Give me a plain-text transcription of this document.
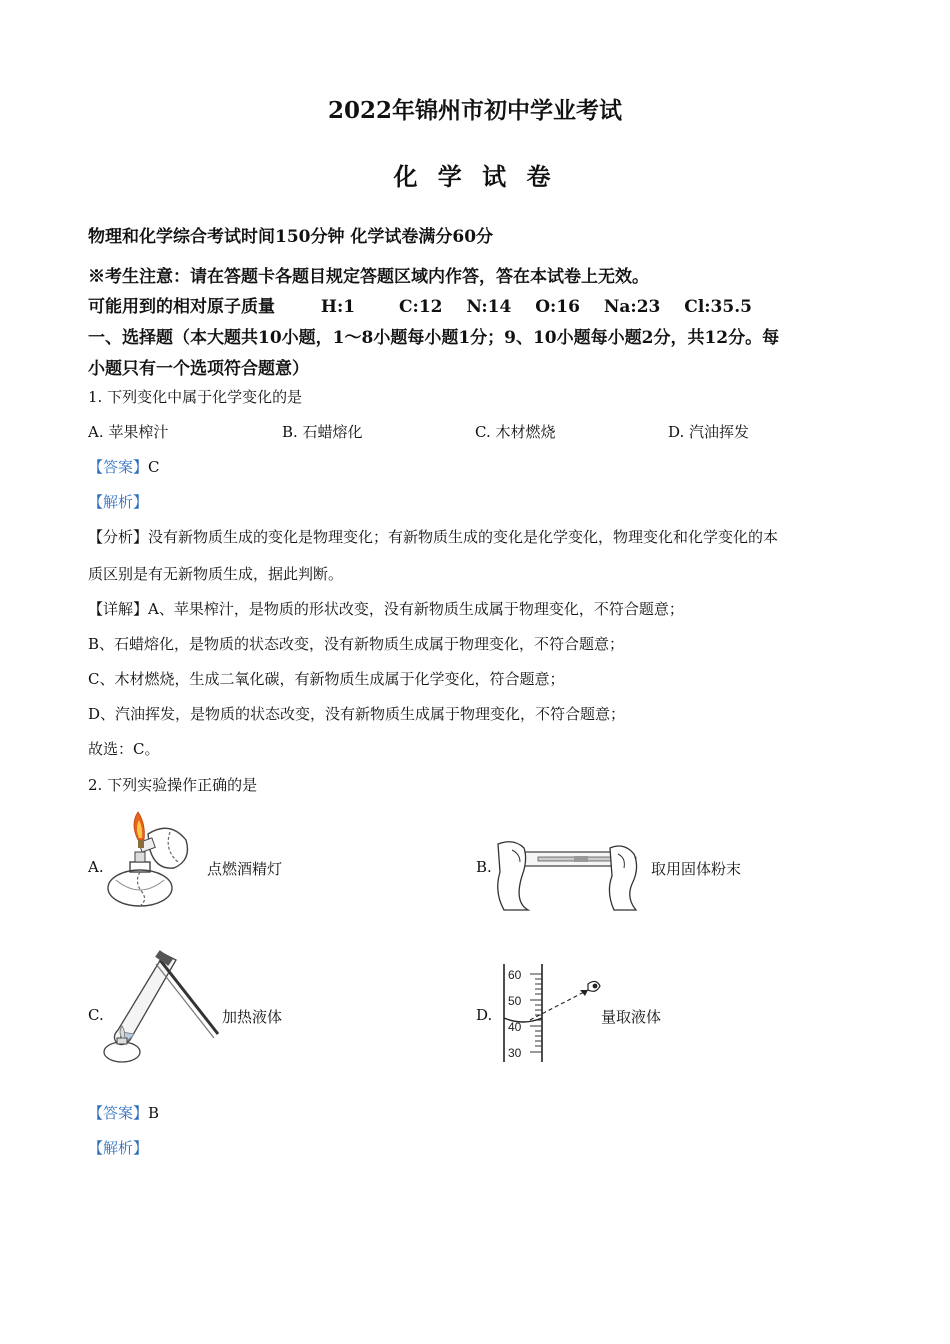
2022年锦州市初中学业考试
化 学 试 卷
物理和化学综合考试时间150分钟 化学试卷满分60分
※考生注意：请在答题卡各题目规定答题区域内作答，答在本试卷上无效。
可能用到的相对原子质量	H:1	C:12 N:14 O:16 Na:23 Cl:35.5
一、选择题（本大题共10小题，1～8小题每小题1分；9、10小题每小题2分，共12分。每
小题只有一个选项符合题意）
1. 下列变化中属于化学变化的是
A. 苹果榨汁	B. 石蜡熔化	C. 木材燃烧	D. 汽油挥发
【答案】C
【解析】
【分析】没有新物质生成的变化是物理变化；有新物质生成的变化是化学变化，物理变化和化学变化的本
质区别是有无新物质生成，据此判断。
【详解】A、苹果榨汁，是物质的形状改变，没有新物质生成属于物理变化，不符合题意；
B、石蜡熔化，是物质的状态改变，没有新物质生成属于物理变化，不符合题意；
C、木材燃烧，生成二氧化碳，有新物质生成属于化学变化，符合题意；
D、汽油挥发，是物质的状态改变，没有新物质生成属于物理变化，不符合题意；
故选：C。
2. 下列实验操作正确的是
A.	点燃酒精灯	B.	取用固体粉末
C.	加热液体	D.
60
50
40
30
量取液体
【答案】B
【解析】
